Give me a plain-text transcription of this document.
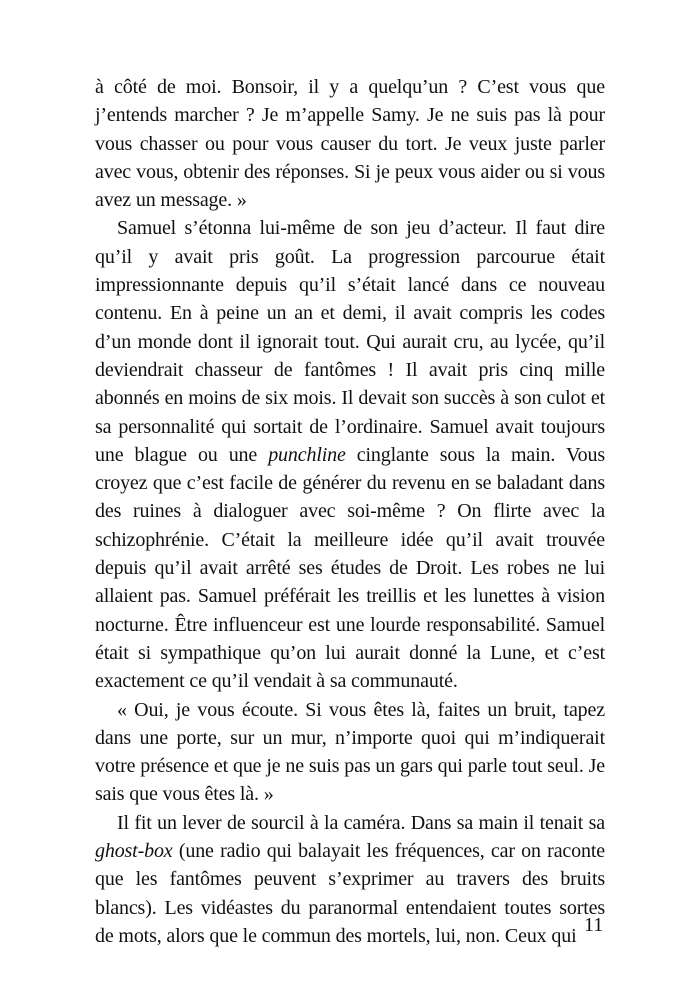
à côté de moi. Bonsoir, il y a quelqu’un ? C’est vous que j’entends marcher ? Je m’appelle Samy. Je ne suis pas là pour vous chasser ou pour vous causer du tort. Je veux juste parler avec vous, obtenir des réponses. Si je peux vous aider ou si vous avez un message. »

Samuel s’étonna lui-même de son jeu d’acteur. Il faut dire qu’il y avait pris goût. La progression parcourue était impressionnante depuis qu’il s’était lancé dans ce nouveau contenu. En à peine un an et demi, il avait compris les codes d’un monde dont il ignorait tout. Qui aurait cru, au lycée, qu’il deviendrait chasseur de fantômes ! Il avait pris cinq mille abonnés en moins de six mois. Il devait son succès à son culot et sa personnalité qui sortait de l’ordinaire. Samuel avait toujours une blague ou une punchline cinglante sous la main. Vous croyez que c’est facile de générer du revenu en se baladant dans des ruines à dialoguer avec soi-même ? On flirte avec la schizophrénie. C’était la meilleure idée qu’il avait trouvée depuis qu’il avait arrêté ses études de Droit. Les robes ne lui allaient pas. Samuel préférait les treillis et les lunettes à vision nocturne. Être influenceur est une lourde responsabilité. Samuel était si sympathique qu’on lui aurait donné la Lune, et c’est exactement ce qu’il vendait à sa communauté.

« Oui, je vous écoute. Si vous êtes là, faites un bruit, tapez dans une porte, sur un mur, n’importe quoi qui m’indiquerait votre présence et que je ne suis pas un gars qui parle tout seul. Je sais que vous êtes là. »

Il fit un lever de sourcil à la caméra. Dans sa main il tenait sa ghost-box (une radio qui balayait les fréquences, car on raconte que les fantômes peuvent s’exprimer au travers des bruits blancs). Les vidéastes du paranormal entendaient toutes sortes de mots, alors que le commun des mortels, lui, non. Ceux qui 11
